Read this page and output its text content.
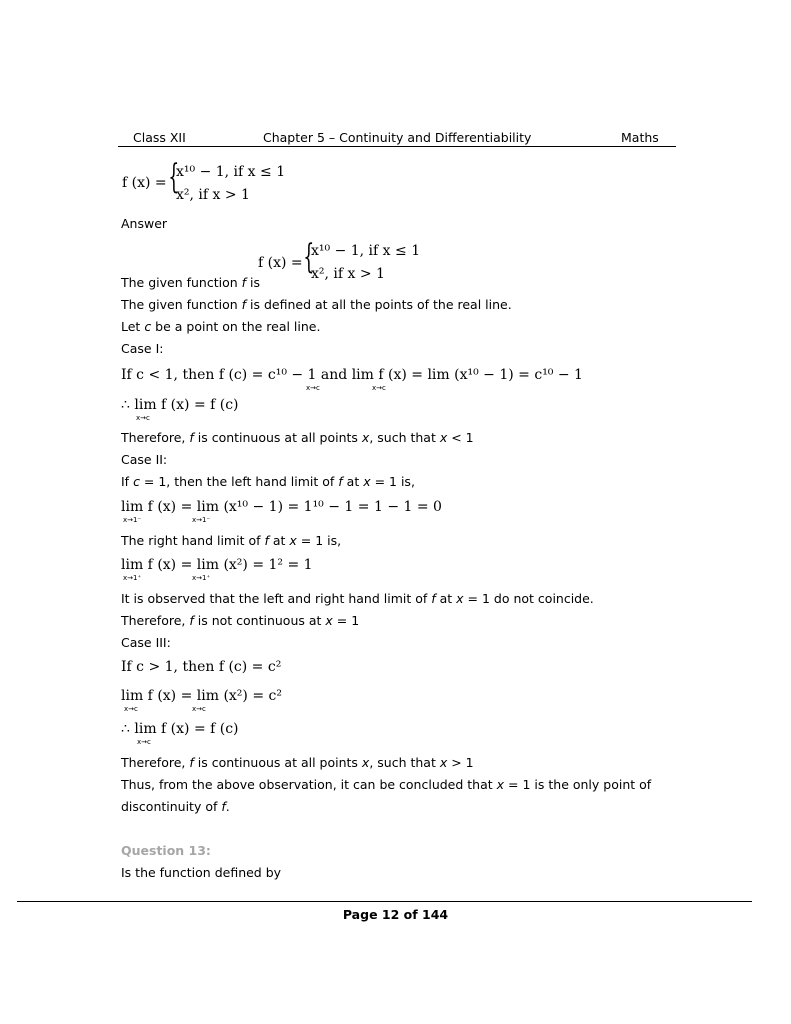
Class XII	Chapter 5 – Continuity and Differentiability	Maths
f (x) = {
x¹⁰ − 1, if x ≤ 1
x², if x > 1
Answer
f (x) = {
x¹⁰ − 1, if x ≤ 1
x², if x > 1
The given function f is
The given function f is defined at all the points of the real line.
Let c be a point on the real line.
Case I:
If c < 1, then f (c) = c¹⁰ − 1 and lim f (x) = lim (x¹⁰ − 1) = c¹⁰ − 1
x→c	x→c
∴ lim f (x) = f (c)
x→c
Therefore, f is continuous at all points x, such that x < 1
Case II:
If c = 1, then the left hand limit of f at x = 1 is,
lim f (x) = lim (x¹⁰ − 1) = 1¹⁰ − 1 = 1 − 1 = 0
x→1⁻	x→1⁻
The right hand limit of f at x = 1 is,
lim f (x) = lim (x²) = 1² = 1
x→1⁺	x→1⁺
It is observed that the left and right hand limit of f at x = 1 do not coincide.
Therefore, f is not continuous at x = 1
Case III:
If c > 1, then f (c) = c²
lim f (x) = lim (x²) = c²
x→c	x→c
∴ lim f (x) = f (c)
x→c
Therefore, f is continuous at all points x, such that x > 1
Thus, from the above observation, it can be concluded that x = 1 is the only point of
discontinuity of f.
Question 13:
Is the function defined by
Page 12 of 144
